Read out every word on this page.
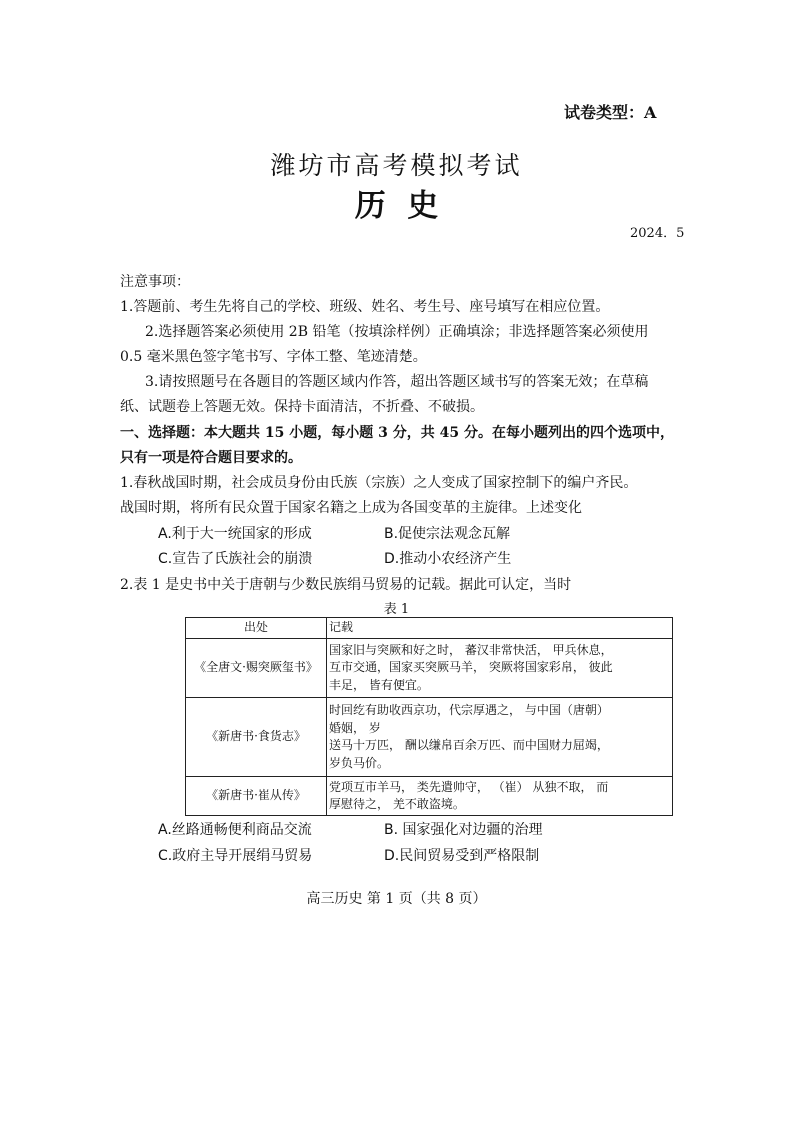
试卷类型：A
潍坊市高考模拟考试
历  史
2024．5
注意事项：
1.答题前、考生先将自己的学校、班级、姓名、考生号、座号填写在相应位置。
2.选择题答案必须使用 2B 铅笔（按填涂样例）正确填涂；非选择题答案必须使用
0.5 毫米黑色签字笔书写、字体工整、笔迹清楚。
3.请按照题号在各题目的答题区域内作答，超出答题区域书写的答案无效；在草稿
纸、试题卷上答题无效。保持卡面清洁，不折叠、不破损。
一、选择题：本大题共 15 小题，每小题 3 分，共 45 分。在每小题列出的四个选项中，
只有一项是符合题目要求的。
1.春秋战国时期，社会成员身份由氏族（宗族）之人变成了国家控制下的编户齐民。
战国时期，将所有民众置于国家名籍之上成为各国变革的主旋律。上述变化
A.利于大一统国家的形成	B.促使宗法观念瓦解
C.宣告了氏族社会的崩溃	D.推动小农经济产生
2.表 1 是史书中关于唐朝与少数民族绢马贸易的记载。据此可认定，当时
表 1
出处	记载
《全唐文·赐突厥玺书》	国家旧与突厥和好之时， 蕃汉非常快活， 甲兵休息，
互市交通，国家买突厥马羊， 突厥将国家彩帛， 彼此
丰足， 皆有便宜。

《新唐书·食货志》	时回纥有助收西京功，代宗厚遇之， 与中国（唐朝）
婚姻， 岁
送马十万匹， 酬以缣帛百余万匹、而中国财力屈竭，
岁负马价。

《新唐书·崔从传》	党项互市羊马， 类先遣帅守， （崔） 从独不取， 而
厚慰待之， 羌不敢盗境。
A.丝路通畅便利商品交流	B. 国家强化对边疆的治理
C.政府主导开展绢马贸易	D.民间贸易受到严格限制
高三历史 第 1 页（共 8 页）
